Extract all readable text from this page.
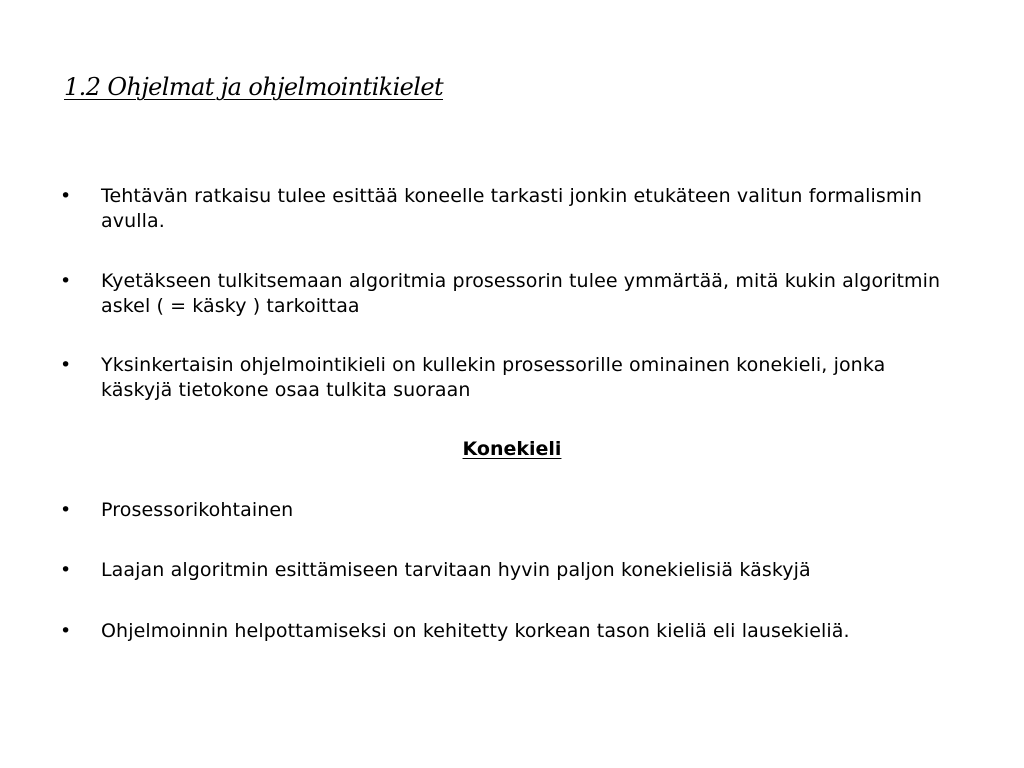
1.2 Ohjelmat ja ohjelmointikielet
• Tehtävän ratkaisu tulee esittää koneelle tarkasti jonkin etukäteen valitun formalismin avulla.
• Kyetäkseen tulkitsemaan algoritmia prosessorin tulee ymmärtää, mitä kukin algoritmin askel ( = käsky ) tarkoittaa
• Yksinkertaisin ohjelmointikieli on kullekin prosessorille ominainen konekieli, jonka käskyjä tietokone osaa tulkita suoraan
Konekieli
• Prosessorikohtainen
• Laajan algoritmin esittämiseen tarvitaan hyvin paljon konekielisiä käskyjä
• Ohjelmoinnin helpottamiseksi on kehitetty korkean tason kieliä eli lausekieliä.
